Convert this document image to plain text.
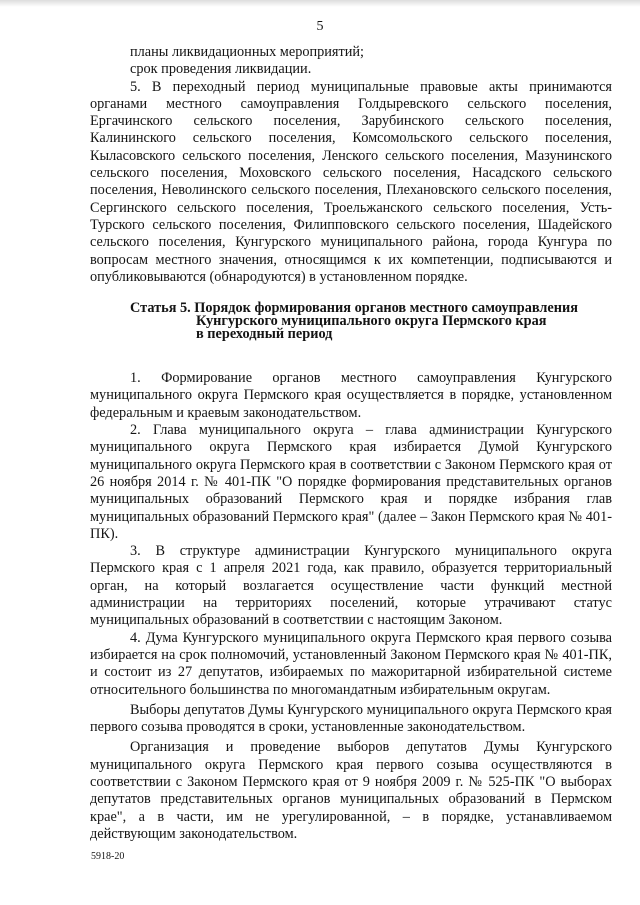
5

планы ликвидационных мероприятий;

срок проведения ликвидации.

5. В переходный период муниципальные правовые акты принимаются органами местного самоуправления Голдыревского сельского поселения, Ергачинского сельского поселения, Зарубинского сельского поселения, Калининского сельского поселения, Комсомольского сельского поселения, Кыласовского сельского поселения, Ленского сельского поселения, Мазунинского сельского поселения, Моховского сельского поселения, Насадского сельского поселения, Неволинского сельского поселения, Плехановского сельского поселения, Сергинского сельского поселения, Троельжанского сельского поселения, Усть-Турского сельского поселения, Филипповского сельского поселения, Шадейского сельского поселения, Кунгурского муниципального района, города Кунгура по вопросам местного значения, относящимся к их компетенции, подписываются и опубликовываются (обнародуются) в установленном порядке.

Статья 5. Порядок формирования органов местного самоуправления
Кунгурского муниципального округа Пермского края
в переходный период

1. Формирование органов местного самоуправления Кунгурского муниципального округа Пермского края осуществляется в порядке, установленном федеральным и краевым законодательством.

2. Глава муниципального округа – глава администрации Кунгурского муниципального округа Пермского края избирается Думой Кунгурского муниципального округа Пермского края в соответствии с Законом Пермского края от 26 ноября 2014 г. № 401-ПК "О порядке формирования представительных органов муниципальных образований Пермского края и порядке избрания глав муниципальных образований Пермского края" (далее – Закон Пермского края № 401-ПК).

3. В структуре администрации Кунгурского муниципального округа Пермского края с 1 апреля 2021 года, как правило, образуется территориальный орган, на который возлагается осуществление части функций местной администрации на территориях поселений, которые утрачивают статус муниципальных образований в соответствии с настоящим Законом.

4. Дума Кунгурского муниципального округа Пермского края первого созыва избирается на срок полномочий, установленный Законом Пермского края № 401-ПК, и состоит из 27 депутатов, избираемых по мажоритарной избирательной системе относительного большинства по многомандатным избирательным округам.

Выборы депутатов Думы Кунгурского муниципального округа Пермского края первого созыва проводятся в сроки, установленные законодательством.

Организация и проведение выборов депутатов Думы Кунгурского муниципального округа Пермского края первого созыва осуществляются в соответствии с Законом Пермского края от 9 ноября 2009 г. № 525-ПК "О выборах депутатов представительных органов муниципальных образований в Пермском крае", а в части, им не урегулированной, – в порядке, устанавливаемом действующим законодательством.

5918-20
